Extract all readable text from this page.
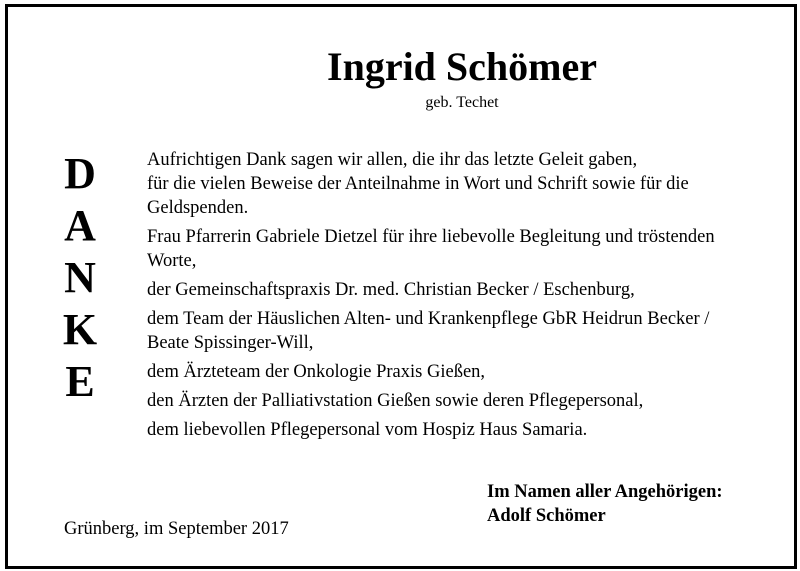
Ingrid Schömer
geb. Techet
D
A
N
K
E
Aufrichtigen Dank sagen wir allen, die ihr das letzte Geleit gaben,
für die vielen Beweise der Anteilnahme in Wort und Schrift sowie für die
Geldspenden.
Frau Pfarrerin Gabriele Dietzel für ihre liebevolle Begleitung und tröstenden
Worte,
der Gemeinschaftspraxis Dr. med. Christian Becker / Eschenburg,
dem Team der Häuslichen Alten- und Krankenpflege GbR Heidrun Becker /
Beate Spissinger-Will,
dem Ärzteteam der Onkologie Praxis Gießen,
den Ärzten der Palliativstation Gießen sowie deren Pflegepersonal,
dem liebevollen Pflegepersonal vom Hospiz Haus Samaria.
Im Namen aller Angehörigen:
Adolf Schömer
Grünberg, im September 2017
